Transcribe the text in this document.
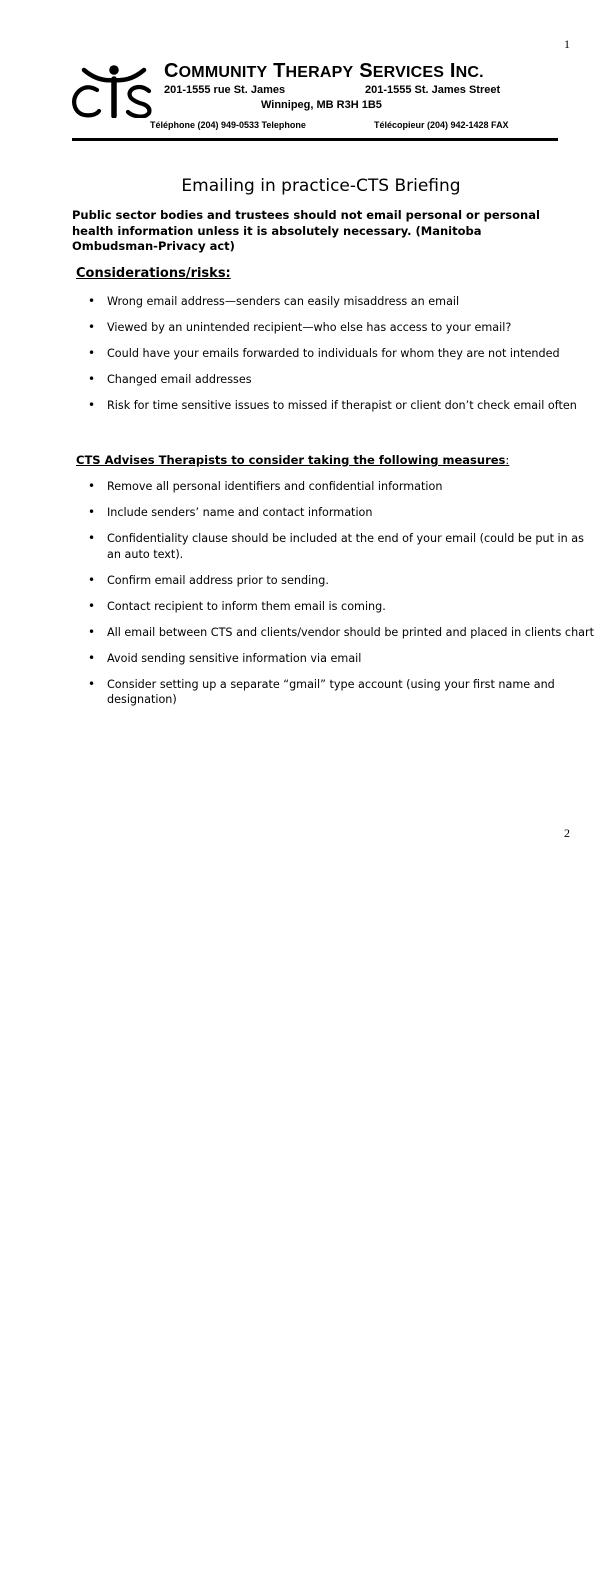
1
COMMUNITY THERAPY SERVICES INC.
201-1555 rue St. James	201-1555 St. James Street
Winnipeg, MB R3H 1B5
Téléphone (204) 949-0533 Telephone	Télécopieur (204) 942-1428 FAX
Emailing in practice-CTS Briefing
Public sector bodies and trustees should not email personal or personal health information unless it is absolutely necessary. (Manitoba Ombudsman-Privacy act)
Considerations/risks:
• Wrong email address—senders can easily misaddress an email
• Viewed by an unintended recipient—who else has access to your email?
• Could have your emails forwarded to individuals for whom they are not intended
• Changed email addresses
• Risk for time sensitive issues to missed if therapist or client don’t check email often
CTS Advises Therapists to consider taking the following measures:
• Remove all personal identifiers and confidential information
• Include senders’ name and contact information
• Confidentiality clause should be included at the end of your email (could be put in as an auto text).
• Confirm email address prior to sending.
• Contact recipient to inform them email is coming.
• All email between CTS and clients/vendor should be printed and placed in clients chart
• Avoid sending sensitive information via email
• Consider setting up a separate “gmail” type account (using your first name and designation)
2
